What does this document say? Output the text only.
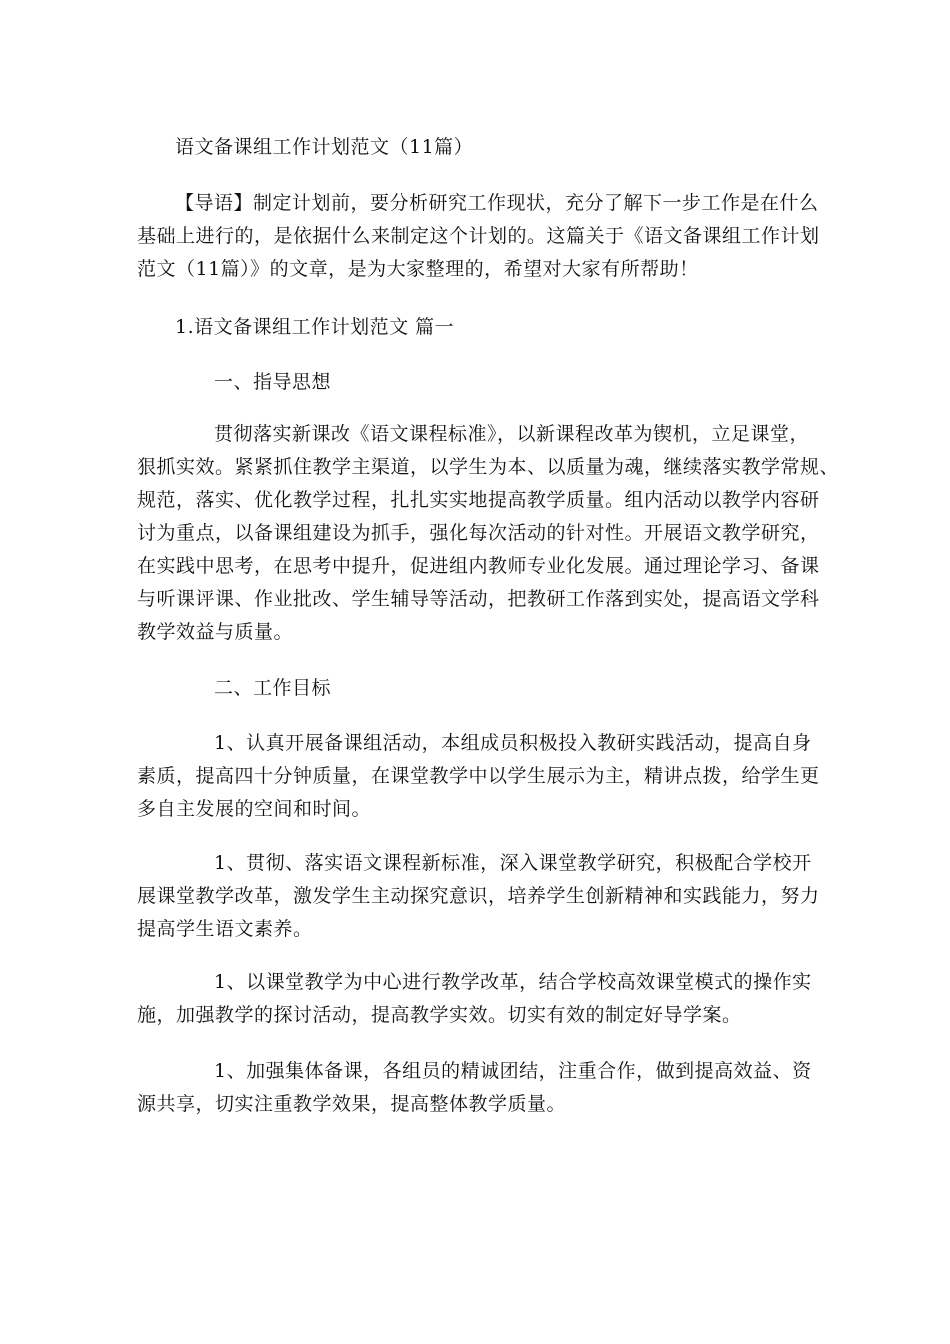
语文备课组工作计划范文（11篇）
【导语】制定计划前，要分析研究工作现状，充分了解下一步工作是在什么
基础上进行的，是依据什么来制定这个计划的。这篇关于《语文备课组工作计划
范文（11篇）》的文章，是为大家整理的，希望对大家有所帮助！
1.语文备课组工作计划范文 篇一
一、指导思想
贯彻落实新课改《语文课程标准》，以新课程改革为锲机，立足课堂，
狠抓实效。紧紧抓住教学主渠道，以学生为本、以质量为魂，继续落实教学常规、
规范，落实、优化教学过程，扎扎实实地提高教学质量。组内活动以教学内容研
讨为重点，以备课组建设为抓手，强化每次活动的针对性。开展语文教学研究，
在实践中思考，在思考中提升，促进组内教师专业化发展。通过理论学习、备课
与听课评课、作业批改、学生辅导等活动，把教研工作落到实处，提高语文学科
教学效益与质量。
二、工作目标
1、认真开展备课组活动，本组成员积极投入教研实践活动，提高自身
素质，提高四十分钟质量，在课堂教学中以学生展示为主，精讲点拨，给学生更
多自主发展的空间和时间。
1、贯彻、落实语文课程新标准，深入课堂教学研究，积极配合学校开
展课堂教学改革，激发学生主动探究意识，培养学生创新精神和实践能力，努力
提高学生语文素养。
1、以课堂教学为中心进行教学改革，结合学校高效课堂模式的操作实
施，加强教学的探讨活动，提高教学实效。切实有效的制定好导学案。
1、加强集体备课，各组员的精诚团结，注重合作，做到提高效益、资
源共享，切实注重教学效果，提高整体教学质量。
